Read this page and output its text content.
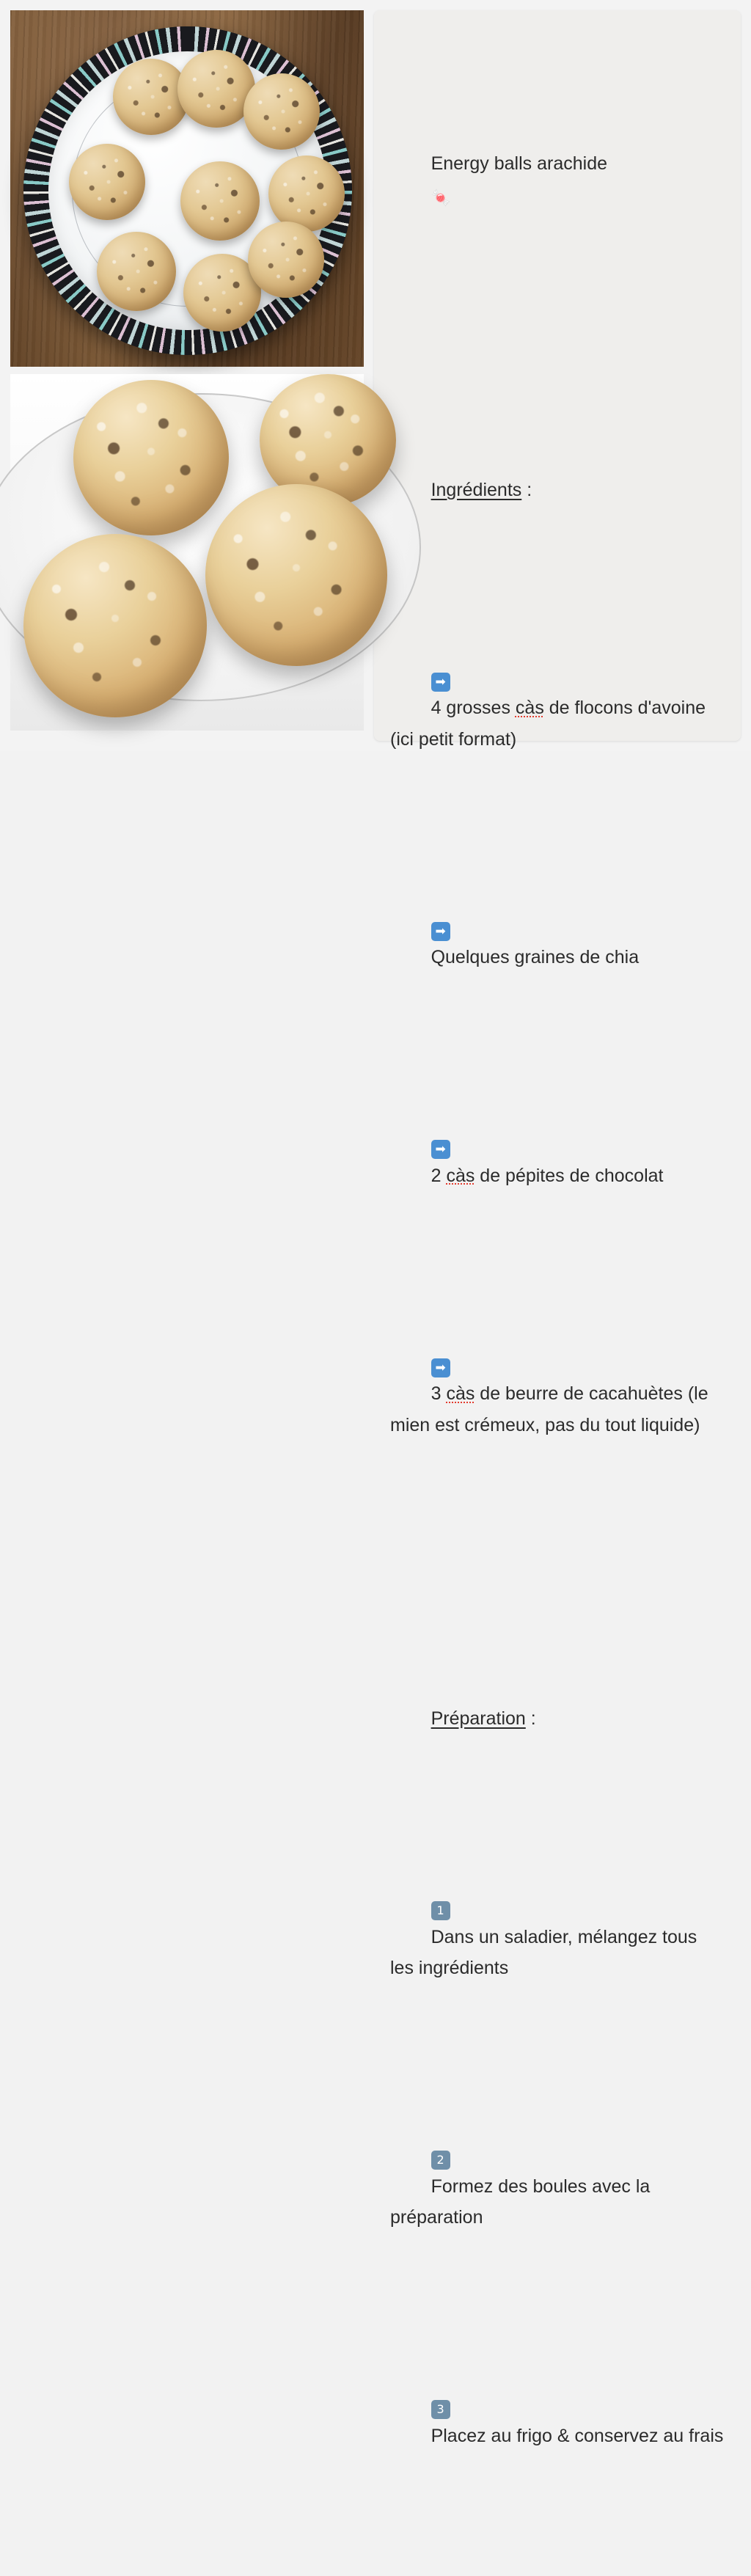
Energy balls arachide
🍬

Ingrédients :

➡
4 grosses càs de flocons d'avoine (ici petit format)

➡
Quelques graines de chia

➡
2 càs de pépites de chocolat

➡
3 càs de beurre de cacahuètes (le mien est crémeux, pas du tout liquide)

Préparation :

1
Dans un saladier, mélangez tous les ingrédients

2
Formez des boules avec la préparation

3
Placez au frigo & conservez au frais
